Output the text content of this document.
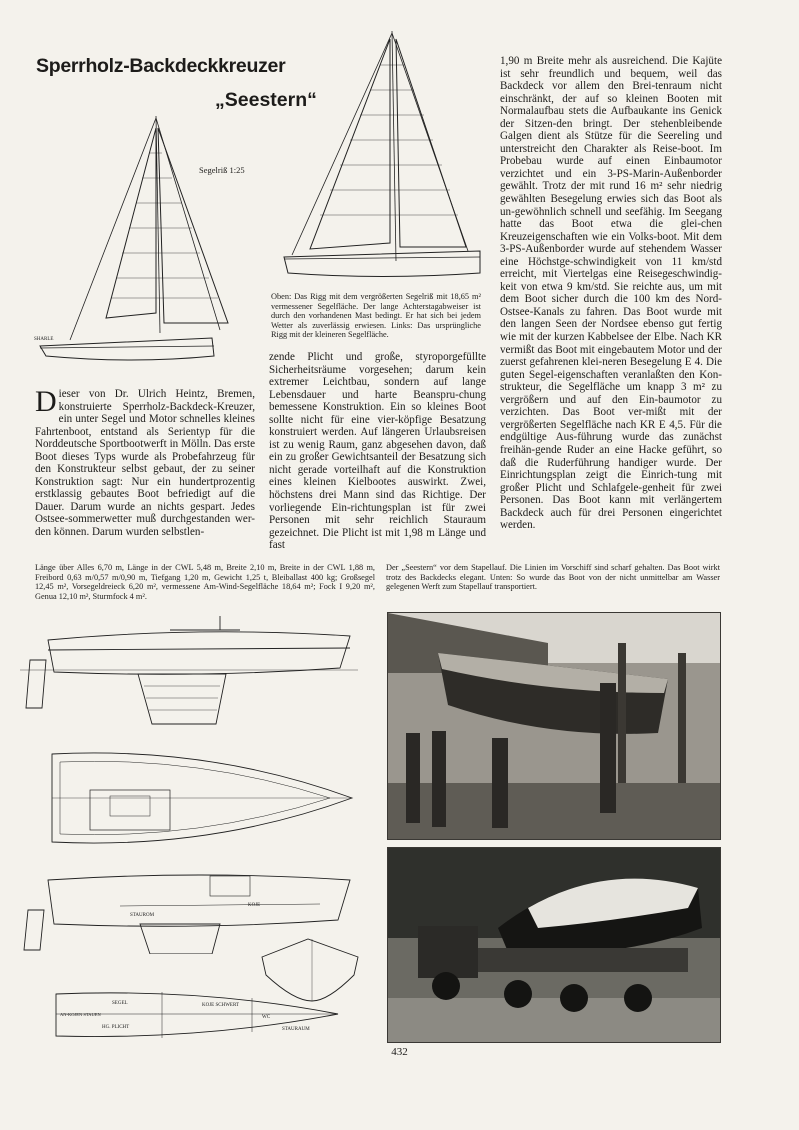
Sperrholz-Backdeckkreuzer
„Seestern“
SHARLE
Segelriß 1:25
Oben: Das Rigg mit dem vergrößerten Segelriß mit 18,65 m² vermessener Segelfläche. Der lange Achterstagabweiser ist durch den vorhandenen Mast bedingt. Er hat sich bei jedem Wetter als zuverlässig erwiesen. Links: Das ursprüngliche Rigg mit der kleineren Segelfläche.
Dieser von Dr. Ulrich Heintz, Bremen, konstruierte Sperrholz-Backdeck-Kreuzer, ein unter Segel und Motor schnelles kleines Fahrtenboot, entstand als Serientyp für die Norddeutsche Sportbootwerft in Mölln. Das erste Boot dieses Typs wurde als Probefahrzeug für den Konstrukteur selbst gebaut, der zu seiner Konstruktion sagt: Nur ein hundertprozentig erstklassig gebautes Boot befriedigt auf die Dauer. Darum wurde an nichts gespart. Jedes Ostsee-sommerwetter muß durchgestanden wer-den können. Darum wurden selbstlen-
zende Plicht und große, styroporgefüllte Sicherheitsräume vorgesehen; darum kein extremer Leichtbau, sondern auf lange Lebensdauer und harte Beanspru-chung bemessene Konstruktion. Ein so kleines Boot sollte nicht für eine vier-köpfige Besatzung konstruiert werden. Auf längeren Urlaubsreisen ist zu wenig Raum, ganz abgesehen davon, daß ein zu großer Gewichtsanteil der Besatzung sich nicht gerade vorteilhaft auf die Konstruktion eines kleinen Kielbootes auswirkt. Zwei, höchstens drei Mann sind das Richtige. Der vorliegende Ein-richtungsplan ist für zwei Personen mit sehr reichlich Stauraum gezeichnet. Die Plicht ist mit 1,98 m Länge und fast
1,90 m Breite mehr als ausreichend. Die Kajüte ist sehr freundlich und bequem, weil das Backdeck vor allem den Brei-tenraum nicht einschränkt, der auf so kleinen Booten mit Normalaufbau stets die Aufbaukante ins Genick der Sitzen-den bringt. Der stehenbleibende Galgen dient als Stütze für die Seereling und unterstreicht den Charakter als Reise-boot. Im Probebau wurde auf einen Einbaumotor verzichtet und ein 3-PS-Marin-Außenborder gewählt. Trotz der mit rund 16 m² sehr niedrig gewählten Besegelung erwies sich das Boot als un-gewöhnlich schnell und seefähig. Im Seegang hatte das Boot etwa die glei-chen Kreuzeigenschaften wie ein Volks-boot. Mit dem 3-PS-Außenborder wurde auf stehendem Wasser eine Höchstge-schwindigkeit von 11 km/std erreicht, mit Viertelgas eine Reisegeschwindig-keit von etwa 9 km/std. Sie reichte aus, um mit dem Boot sicher durch die 100 km des Nord-Ostsee-Kanals zu fahren. Das Boot wurde mit den langen Seen der Nordsee ebenso gut fertig wie mit der kurzen Kabbelsee der Elbe. Nach KR vermißt das Boot mit eingebautem Motor und der zuerst gefahrenen klei-neren Besegelung E 4. Die guten Segel-eigenschaften veranlaßten den Kon-strukteur, die Segelfläche um knapp 3 m² zu vergrößern und auf den Ein-baumotor zu verzichten. Das Boot ver-mißt mit der vergrößerten Segelfläche nach KR E 4,5. Für die endgültige Aus-führung wurde das zunächst freihän-gende Ruder an eine Hacke geführt, so daß die Ruderführung handiger wurde. Der Einrichtungsplan zeigt die Einrich-tung mit großer Plicht und Schlafgele-genheit für zwei Personen. Das Boot kann mit verlängertem Backdeck auch für drei Personen eingerichtet werden.
Länge über Alles 6,70 m, Länge in der CWL 5,48 m, Breite 2,10 m, Breite in der CWL 1,88 m, Freibord 0,63 m/0,57 m/0,90 m, Tiefgang 1,20 m, Gewicht 1,25 t, Bleiballast 400 kg; Großsegel 12,45 m², Vorsegeldreieck 6,20 m², vermessene Am-Wind-Segelfläche 18,64 m²; Fock I 9,20 m², Genua 12,10 m², Sturmfock 4 m².
Der „Seestern“ vor dem Stapellauf. Die Linien im Vorschiff sind scharf gehalten. Das Boot wirkt trotz des Backdecks elegant. Unten: So wurde das Boot von der nicht unmittelbar am Wasser gelegenen Werft zum Stapellauf transportiert.
STAUROM
KOJE
SEGEL	KOJE SCHWERT
AN-KOJEN STAUEN
HG. PLICHT	STAURAUM
WC
432
